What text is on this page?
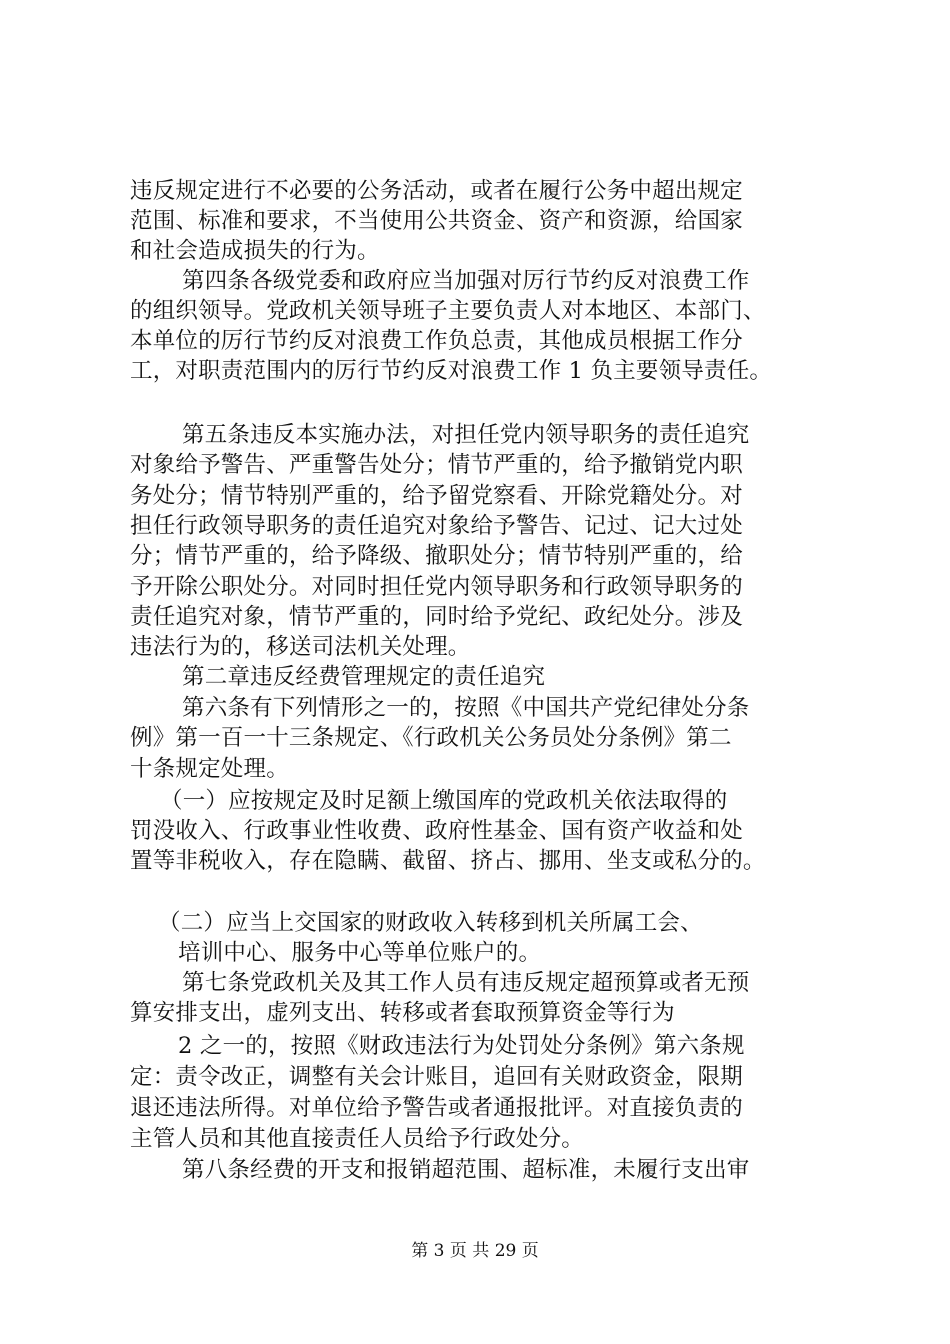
违反规定进行不必要的公务活动，或者在履行公务中超出规定
范围、标准和要求，不当使用公共资金、资产和资源，给国家
和社会造成损失的行为。
第四条各级党委和政府应当加强对厉行节约反对浪费工作
的组织领导。党政机关领导班子主要负责人对本地区、本部门、
本单位的厉行节约反对浪费工作负总责，其他成员根据工作分
工，对职责范围内的厉行节约反对浪费工作 1 负主要领导责任。
第五条违反本实施办法，对担任党内领导职务的责任追究
对象给予警告、严重警告处分；情节严重的，给予撤销党内职
务处分；情节特别严重的，给予留党察看、开除党籍处分。对
担任行政领导职务的责任追究对象给予警告、记过、记大过处
分；情节严重的，给予降级、撤职处分；情节特别严重的，给
予开除公职处分。对同时担任党内领导职务和行政领导职务的
责任追究对象，情节严重的，同时给予党纪、政纪处分。涉及
违法行为的，移送司法机关处理。
第二章违反经费管理规定的责任追究
第六条有下列情形之一的，按照《中国共产党纪律处分条
例》第一百一十三条规定、《行政机关公务员处分条例》第二
十条规定处理。
（一）应按规定及时足额上缴国库的党政机关依法取得的
罚没收入、行政事业性收费、政府性基金、国有资产收益和处
置等非税收入，存在隐瞒、截留、挤占、挪用、坐支或私分的。
（二）应当上交国家的财政收入转移到机关所属工会、
培训中心、服务中心等单位账户的。
第七条党政机关及其工作人员有违反规定超预算或者无预
算安排支出，虚列支出、转移或者套取预算资金等行为
2 之一的，按照《财政违法行为处罚处分条例》第六条规
定：责令改正，调整有关会计账目，追回有关财政资金，限期
退还违法所得。对单位给予警告或者通报批评。对直接负责的
主管人员和其他直接责任人员给予行政处分。
第八条经费的开支和报销超范围、超标准，未履行支出审
第 3 页 共 29 页
